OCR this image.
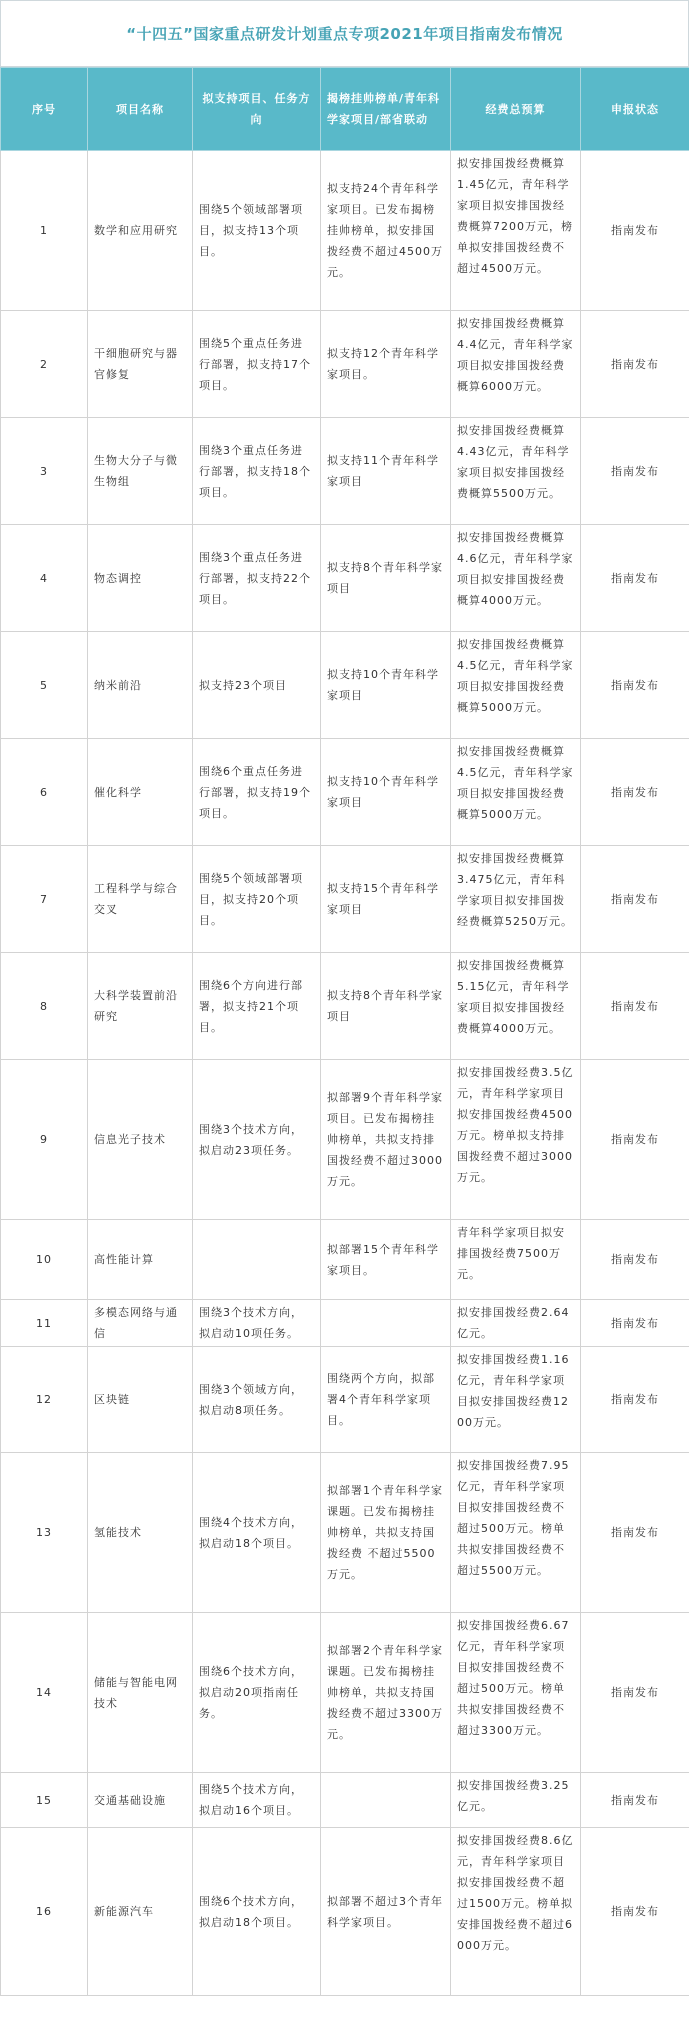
“十四五”国家重点研发计划重点专项2021年项目指南发布情况
序号	项目名称	拟支持项目、任务方向	揭榜挂帅榜单/青年科学家项目/部省联动	经费总预算	申报状态
1	数学和应用研究	围绕5个领域部署项目，拟支持13个项目。	拟支持24个青年科学家项目。已发布揭榜挂帅榜单，拟安排国拨经费不超过4500万元。	拟安排国拨经费概算1.45亿元，青年科学家项目拟安排国拨经费概算7200万元，榜单拟安排国拨经费不超过4500万元。	指南发布
2	干细胞研究与器官修复	围绕5个重点任务进行部署，拟支持17个项目。	拟支持12个青年科学家项目。	拟安排国拨经费概算4.4亿元，青年科学家项目拟安排国拨经费概算6000万元。	指南发布
3	生物大分子与微生物组	围绕3个重点任务进行部署，拟支持18个项目。	拟支持11个青年科学家项目	拟安排国拨经费概算4.43亿元，青年科学家项目拟安排国拨经费概算5500万元。	指南发布
4	物态调控	围绕3个重点任务进行部署，拟支持22个项目。	拟支持8个青年科学家项目	拟安排国拨经费概算4.6亿元，青年科学家项目拟安排国拨经费概算4000万元。	指南发布
5	纳米前沿	拟支持23个项目	拟支持10个青年科学家项目	拟安排国拨经费概算4.5亿元，青年科学家项目拟安排国拨经费概算5000万元。	指南发布
6	催化科学	围绕6个重点任务进行部署，拟支持19个项目。	拟支持10个青年科学家项目	拟安排国拨经费概算4.5亿元，青年科学家项目拟安排国拨经费概算5000万元。	指南发布
7	工程科学与综合交叉	围绕5个领域部署项目，拟支持20个项目。	拟支持15个青年科学家项目	拟安排国拨经费概算3.475亿元，青年科学家项目拟安排国拨经费概算5250万元。	指南发布
8	大科学装置前沿研究	围绕6个方向进行部署，拟支持21个项目。	拟支持8个青年科学家项目	拟安排国拨经费概算5.15亿元，青年科学家项目拟安排国拨经费概算4000万元。	指南发布
9	信息光子技术	围绕3个技术方向，拟启动23项任务。	拟部署9个青年科学家项目。已发布揭榜挂帅榜单，共拟支持排国拨经费不超过3000万元。	拟安排国拨经费3.5亿元，青年科学家项目拟安排国拨经费4500万元。榜单拟支持排国拨经费不超过3000万元。	指南发布
10	高性能计算		拟部署15个青年科学家项目。	青年科学家项目拟安排国拨经费7500万元。	指南发布
11	多模态网络与通信	围绕3个技术方向，拟启动10项任务。		拟安排国拨经费2.64亿元。	指南发布
12	区块链	围绕3个领域方向，拟启动8项任务。	围绕两个方向，拟部署4个青年科学家项目。	拟安排国拨经费1.16亿元，青年科学家项目拟安排国拨经费1200万元。	指南发布
13	氢能技术	围绕4个技术方向，拟启动18个项目。	拟部署1个青年科学家课题。已发布揭榜挂帅榜单，共拟支持国拨经费 不超过5500万元。	拟安排国拨经费7.95亿元，青年科学家项目拟安排国拨经费不超过500万元。榜单共拟安排国拨经费不超过5500万元。	指南发布
14	储能与智能电网技术	围绕6个技术方向，拟启动20项指南任务。	拟部署2个青年科学家课题。已发布揭榜挂帅榜单，共拟支持国拨经费不超过3300万元。	拟安排国拨经费6.67亿元，青年科学家项目拟安排国拨经费不超过500万元。榜单共拟安排国拨经费不超过3300万元。	指南发布
15	交通基础设施	围绕5个技术方向，拟启动16个项目。		拟安排国拨经费3.25亿元。	指南发布
16	新能源汽车	围绕6个技术方向，拟启动18个项目。	拟部署不超过3个青年科学家项目。	拟安排国拨经费8.6亿元，青年科学家项目拟安排国拨经费不超过1500万元。榜单拟安排国拨经费不超过6000万元。	指南发布
